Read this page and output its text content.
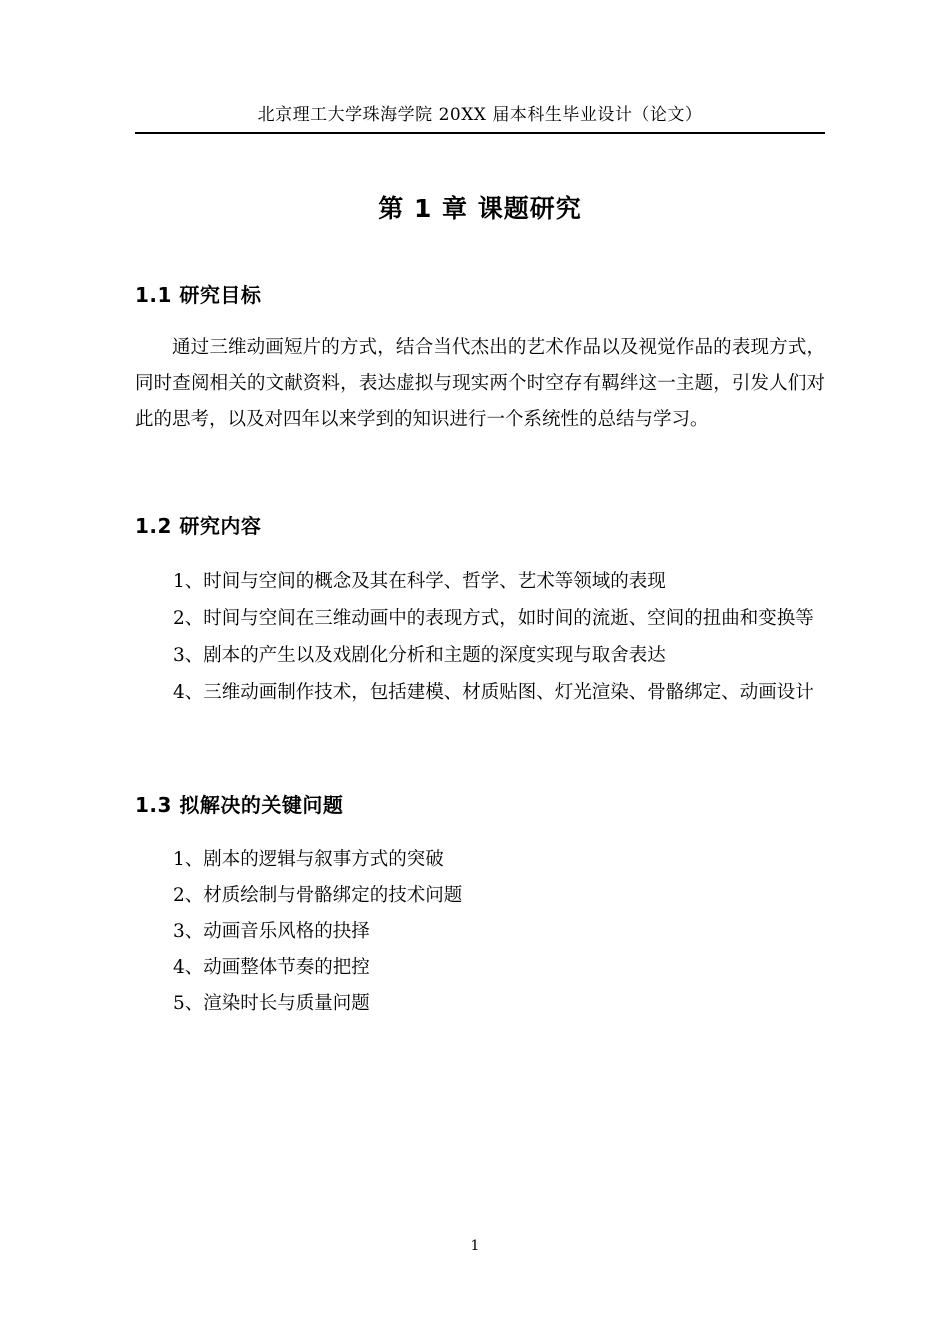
北京理工大学珠海学院 20XX 届本科生毕业设计（论文）
第 1 章 课题研究
1.1 研究目标
通过三维动画短片的方式，结合当代杰出的艺术作品以及视觉作品的表现方式，同时查阅相关的文献资料，表达虚拟与现实两个时空存有羁绊这一主题，引发人们对此的思考，以及对四年以来学到的知识进行一个系统性的总结与学习。
1.2 研究内容
1、时间与空间的概念及其在科学、哲学、艺术等领域的表现
2、时间与空间在三维动画中的表现方式，如时间的流逝、空间的扭曲和变换等
3、剧本的产生以及戏剧化分析和主题的深度实现与取舍表达
4、三维动画制作技术，包括建模、材质贴图、灯光渲染、骨骼绑定、动画设计
1.3 拟解决的关键问题
1、剧本的逻辑与叙事方式的突破
2、材质绘制与骨骼绑定的技术问题
3、动画音乐风格的抉择
4、动画整体节奏的把控
5、渲染时长与质量问题
1
